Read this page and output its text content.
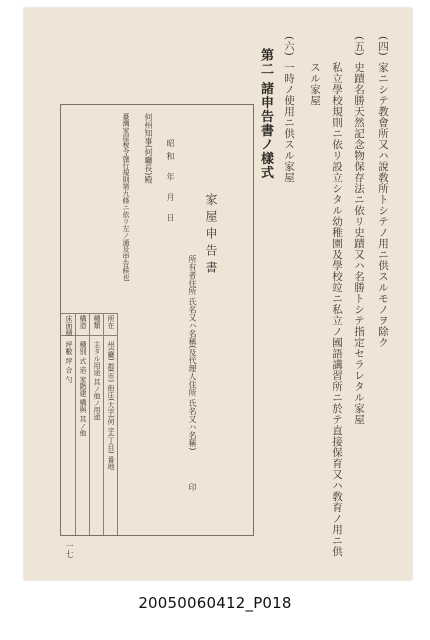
(四)
家ニシテ教會所又ハ說敎所トシテノ用ニ供スルモノヲ除ク
(五)
史蹟名勝天然記念物保存法ニ依リ史蹟又ハ名勝トシテ指定セラレタル家屋
私立學校規則ニ依リ設立シタル幼稚園及學校竝ニ私立ノ國語講習所ニ於テ直接保育又ハ敎育ノ用ニ供
スル家屋
(六)
一時ノ使用ニ供スル家屋
第二 諸申告書ノ樣式
家屋申告書
所有者住所 氏名又ハ名稱(及代理人住所 氏名又ハ名稱)
印
昭和 年 月 日
何州知事(何廳長)殿
臺灣家屋稅令施行規則第九條ニ依リ左ノ通及申告候也
所在
州(廳) 郡(市) 街庄(大字)何 字(丁目) 番地
種類
主タル用途 其ノ他ノ用途
構造
種別 式 造 家階建 構與 其ノ他
床面積
坪數 坪 合 勺
一七
20050060412_P018
